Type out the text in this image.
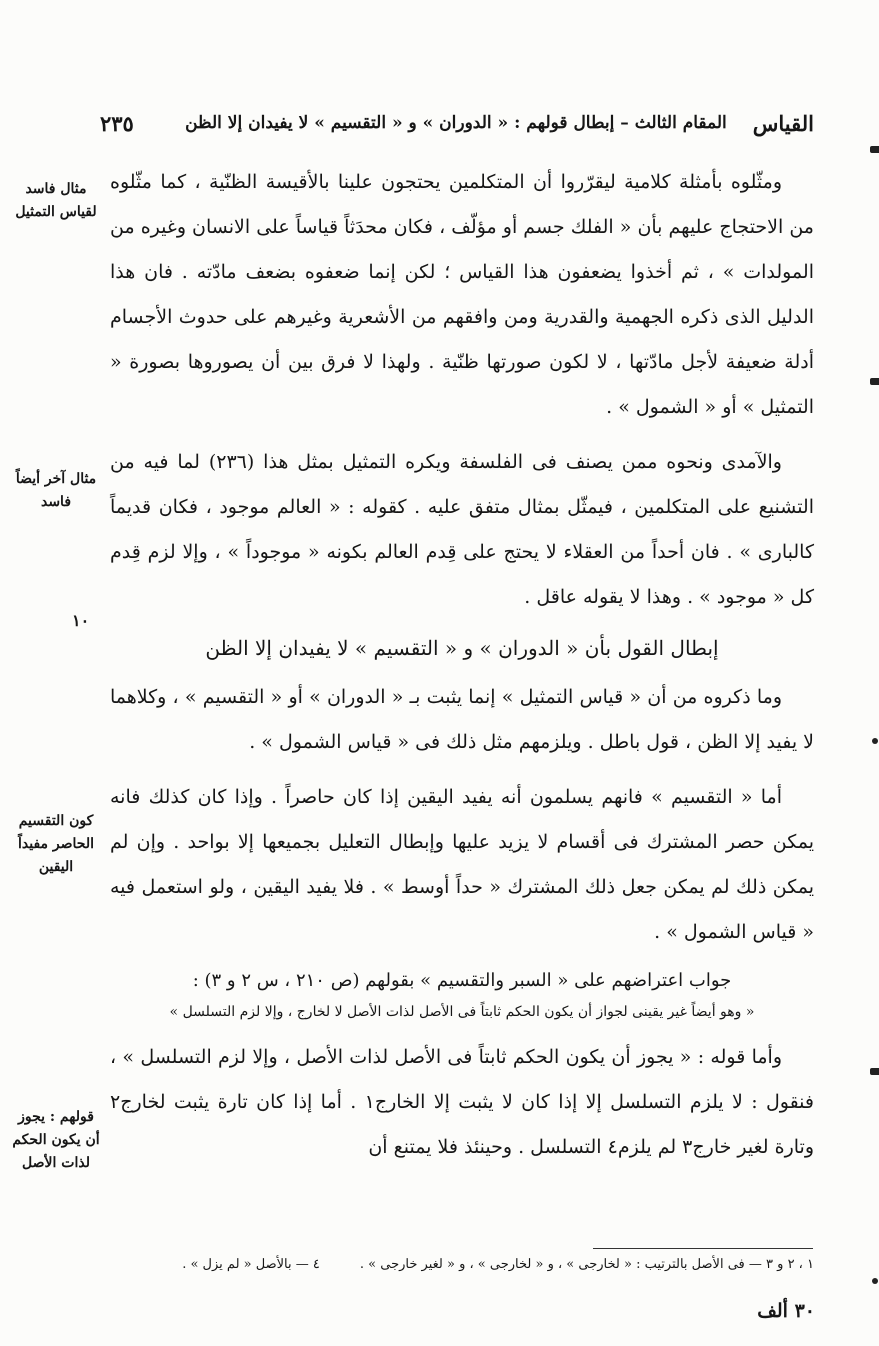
القياس
المقام الثالث – إبطال قولهم : « الدوران » و « التقسيم » لا يفيدان إلا الظن
٢٣٥
مثال فاسد لقياس التمثيل
مثال آخر أيضاً فاسد
كون التقسيم الحاصر مفيداً اليقين
قولهم : يجوز أن يكون الحكم لذات الأصل
١٠

ومثّلوه بأمثلة كلامية ليقرّروا أن المتكلمين يحتجون علينا بالأقيسة الظنّية ، كما مثّلوه من الاحتجاج عليهم بأن « الفلك جسم أو مؤلّف ، فكان محدَثاً قياساً على الانسان وغيره من المولدات » ، ثم أخذوا يضعفون هذا القياس ؛ لكن إنما ضعفوه بضعف مادّته . فان هذا الدليل الذى ذكره الجهمية والقدرية ومن وافقهم من الأشعرية وغيرهم على حدوث الأجسام أدلة ضعيفة لأجل مادّتها ، لا لكون صورتها ظنّية . ولهذا لا فرق بين أن يصوروها بصورة « التمثيل » أو « الشمول » .

والآمدى ونحوه ممن يصنف فى الفلسفة ويكره التمثيل بمثل هذا (٢٣٦) لما فيه من التشنيع على المتكلمين ، فيمثّل بمثال متفق عليه . كقوله : « العالم موجود ، فكان قديماً كالبارى » . فان أحداً من العقلاء لا يحتج على قِدم العالم بكونه « موجوداً » ، وإلا لزم قِدم كل « موجود » . وهذا لا يقوله عاقل .

إبطال القول بأن « الدوران » و « التقسيم » لا يفيدان إلا الظن

وما ذكروه من أن « قياس التمثيل » إنما يثبت بـ « الدوران » أو « التقسيم » ، وكلاهما لا يفيد إلا الظن ، قول باطل . ويلزمهم مثل ذلك فى « قياس الشمول » .

أما « التقسيم » فانهم يسلمون أنه يفيد اليقين إذا كان حاصراً . وإذا كان كذلك فانه يمكن حصر المشترك فى أقسام لا يزيد عليها وإبطال التعليل بجميعها إلا بواحد . وإن لم يمكن ذلك لم يمكن جعل ذلك المشترك « حداً أوسط » . فلا يفيد اليقين ، ولو استعمل فيه « قياس الشمول » .

جواب اعتراضهم على « السبر والتقسيم » بقولهم (ص ٢١٠ ، س ٢ و ٣) :
« وهو أيضاً غير يقينى لجواز أن يكون الحكم ثابتاً فى الأصل لذات الأصل لا لخارج ، وإلا لزم التسلسل »

وأما قوله : « يجوز أن يكون الحكم ثابتاً فى الأصل لذات الأصل ، وإلا لزم التسلسل » ، فنقول : لا يلزم التسلسل إلا إذا كان لا يثبت إلا الخارج١ . أما إذا كان تارة يثبت لخارج٢ وتارة لغير خارج٣ لم يلزم٤ التسلسل . وحينئذ فلا يمتنع أن

١ ، ٢ و ٣ — فى الأصل بالترتيب : « لخارجى » ، و « لخارجى » ، و « لغير خارجى » .
٤ — بالأصل « لم يزل » .
٣٠ ألف
